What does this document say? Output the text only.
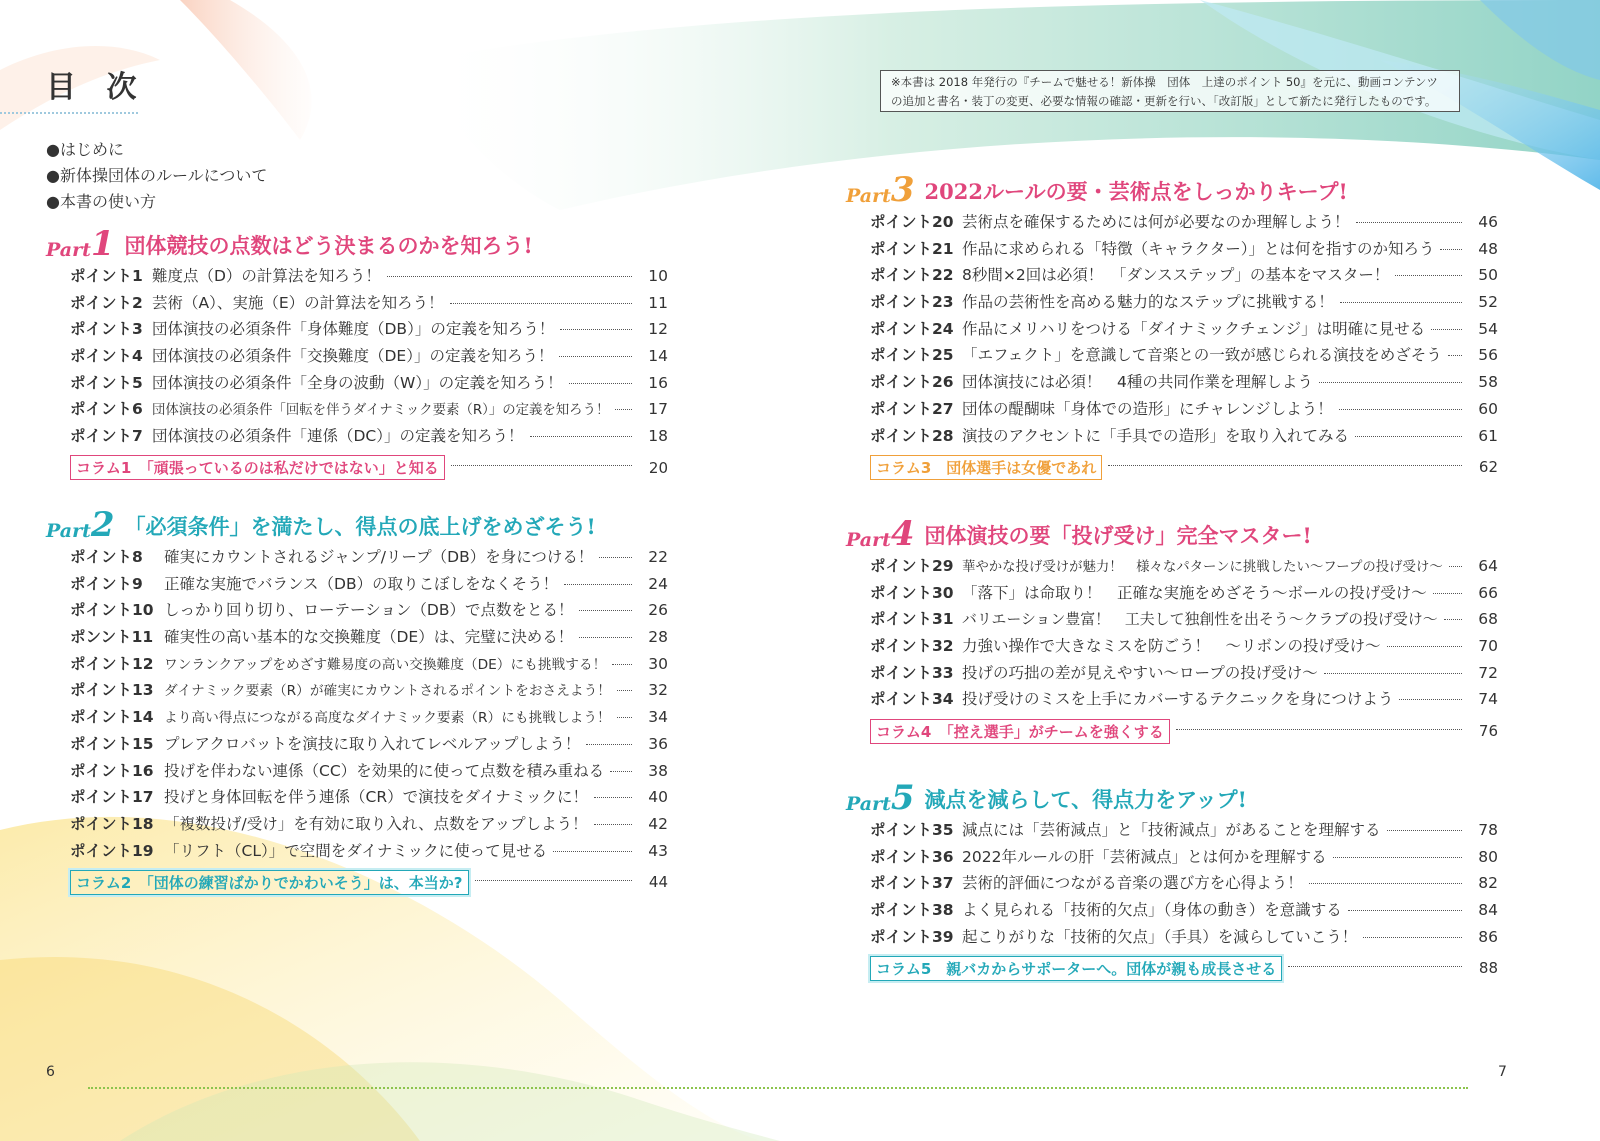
目 次
●はじめに
●新体操団体のルールについて
●本書の使い方
Part 1 団体競技の点数はどう決まるのかを知ろう!
ポイント1 難度点（D）の計算法を知ろう！	10
ポイント2 芸術（A）、実施（E）の計算法を知ろう！	11
ポイント3 団体演技の必須条件「身体難度（DB）」の定義を知ろう！	12
ポイント4 団体演技の必須条件「交換難度（DE）」の定義を知ろう！	14
ポイント5 団体演技の必須条件「全身の波動（W）」の定義を知ろう！	16
ポイント6 団体演技の必須条件「回転を伴うダイナミック要素（R）」の定義を知ろう！	17
ポイント7 団体演技の必須条件「連係（DC）」の定義を知ろう！	18
コラム1　「頑張っているのは私だけではない」と知る	20
Part 2 「必須条件」を満たし、得点の底上げをめざそう!
ポイント8	確実にカウントされるジャンプ/リープ（DB）を身につける！	22
ポイント9	正確な実施でバランス（DB）の取りこぼしをなくそう！	24
ポイント10 しっかり回り切り、ローテーション（DB）で点数をとる！	26
ポンント11 確実性の高い基本的な交換難度（DE）は、完璧に決める！	28
ポイント12 ワンランクアップをめざす難易度の高い交換難度（DE）にも挑戦する！	30
ポイント13 ダイナミック要素（R）が確実にカウントされるポイントをおさえよう！	32
ポイント14 より高い得点につながる高度なダイナミック要素（R）にも挑戦しよう！	34
ポイント15 プレアクロバットを演技に取り入れてレベルアップしよう！	36
ポイント16 投げを伴わない連係（CC）を効果的に使って点数を積み重ねる	38
ポイント17 投げと身体回転を伴う連係（CR）で演技をダイナミックに！	40
ポイント18 「複数投げ/受け」を有効に取り入れ、点数をアップしよう！	42
ポイント19 「リフト（CL）」で空間をダイナミックに使って見せる	43
コラム2　「団体の練習ばかりでかわいそう」は、本当か?	44
6
※本書は 2018 年発行の『チームで魅せる！新体操　団体　上達のポイント 50』を元に、動画コンテンツ
の追加と書名・装丁の変更、必要な情報の確認・更新を行い、「改訂版」として新たに発行したものです。
Part 3 2022ルールの要・芸術点をしっかりキープ!
ポイント20 芸術点を確保するためには何が必要なのか理解しよう！	46
ポイント21 作品に求められる「特徴（キャラクター）」とは何を指すのか知ろう	48
ポイント22 8秒間×2回は必須！　「ダンスステップ」の基本をマスター！	50
ポイント23 作品の芸術性を高める魅力的なステップに挑戦する！	52
ポイント24 作品にメリハリをつける「ダイナミックチェンジ」は明確に見せる	54
ポイント25 「エフェクト」を意識して音楽との一致が感じられる演技をめざそう	56
ポイント26 団体演技には必須！　4種の共同作業を理解しよう	58
ポイント27 団体の醍醐味「身体での造形」にチャレンジしよう！	60
ポイント28 演技のアクセントに「手具での造形」を取り入れてみる	61
コラム3　団体選手は女優であれ	62
Part 4 団体演技の要「投げ受け」完全マスター!
ポイント29 華やかな投げ受けが魅力！　様々なパターンに挑戦したい～フープの投げ受け～	64
ポイント30 「落下」は命取り！　正確な実施をめざそう～ボールの投げ受け～	66
ポイント31 バリエーション豊富！　工夫して独創性を出そう～クラブの投げ受け～	68
ポイント32 力強い操作で大きなミスを防ごう！　～リボンの投げ受け～	70
ポイント33 投げの巧拙の差が見えやすい～ロープの投げ受け～	72
ポイント34 投げ受けのミスを上手にカバーするテクニックを身につけよう	74
コラム4　「控え選手」がチームを強くする	76
Part 5 減点を減らして、得点力をアップ!
ポイント35 減点には「芸術減点」と「技術減点」があることを理解する	78
ポイント36 2022年ルールの肝「芸術減点」とは何かを理解する	80
ポイント37 芸術的評価につながる音楽の選び方を心得よう！	82
ポイント38 よく見られる「技術的欠点」（身体の動き）を意識する	84
ポイント39 起こりがりな「技術的欠点」（手具）を減らしていこう！	86
コラム5　親バカからサポーターへ。団体が親も成長させる	88
7
